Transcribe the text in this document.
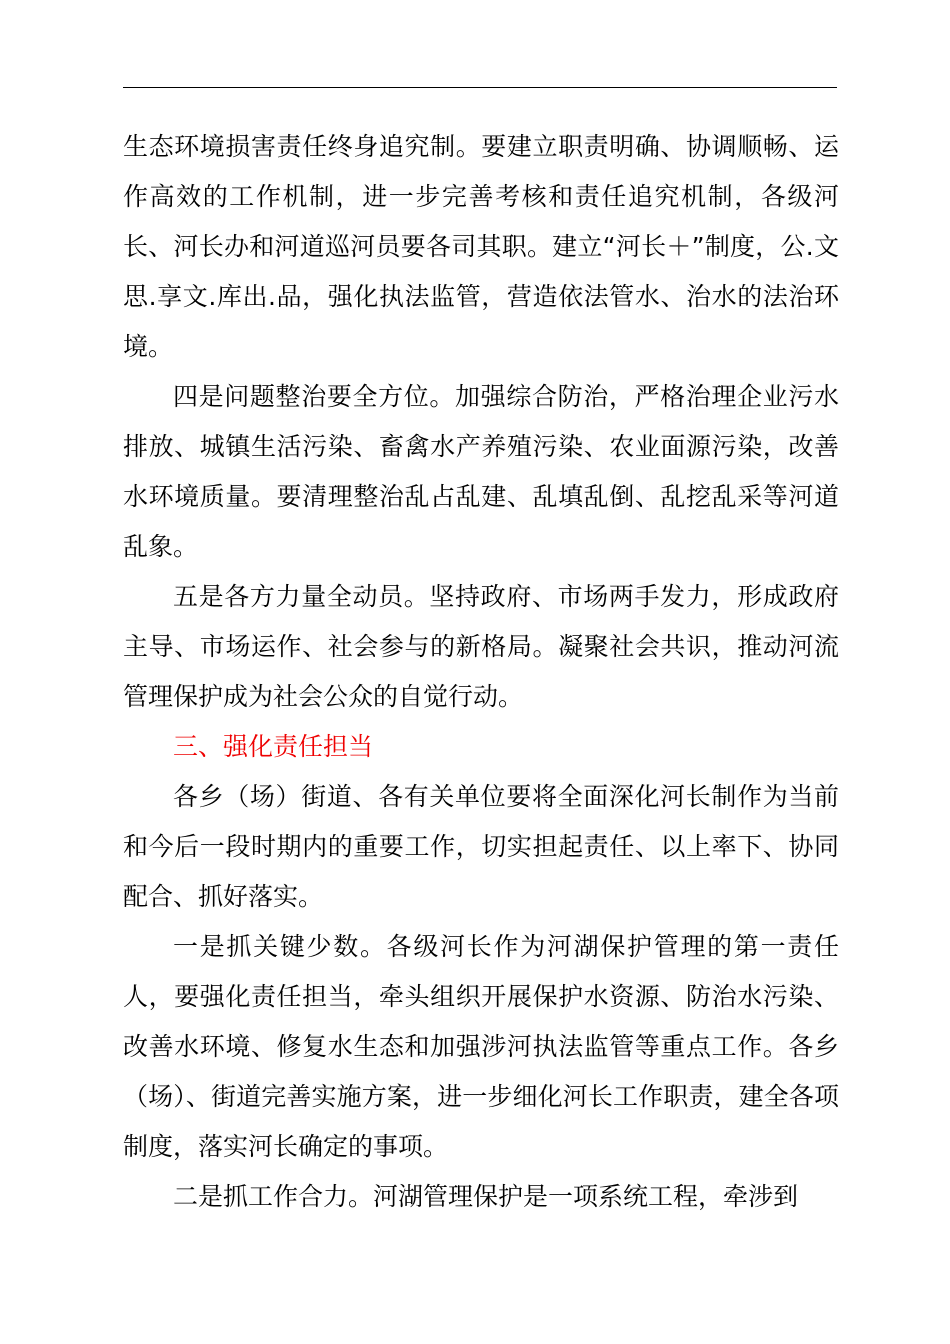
生态环境损害责任终身追究制。要建立职责明确、协调顺畅、运作高效的工作机制，进一步完善考核和责任追究机制，各级河长、河长办和河道巡河员要各司其职。建立“河长＋”制度，公.文思.享文.库出.品，强化执法监管，营造依法管水、治水的法治环境。

四是问题整治要全方位。加强综合防治，严格治理企业污水排放、城镇生活污染、畜禽水产养殖污染、农业面源污染，改善水环境质量。要清理整治乱占乱建、乱填乱倒、乱挖乱采等河道乱象。

五是各方力量全动员。坚持政府、市场两手发力，形成政府主导、市场运作、社会参与的新格局。凝聚社会共识，推动河流管理保护成为社会公众的自觉行动。

三、强化责任担当

各乡（场）街道、各有关单位要将全面深化河长制作为当前和今后一段时期内的重要工作，切实担起责任、以上率下、协同配合、抓好落实。

一是抓关键少数。各级河长作为河湖保护管理的第一责任人，要强化责任担当，牵头组织开展保护水资源、防治水污染、改善水环境、修复水生态和加强涉河执法监管等重点工作。各乡（场）、街道完善实施方案，进一步细化河长工作职责，建全各项制度，落实河长确定的事项。

二是抓工作合力。河湖管理保护是一项系统工程，牵涉到
